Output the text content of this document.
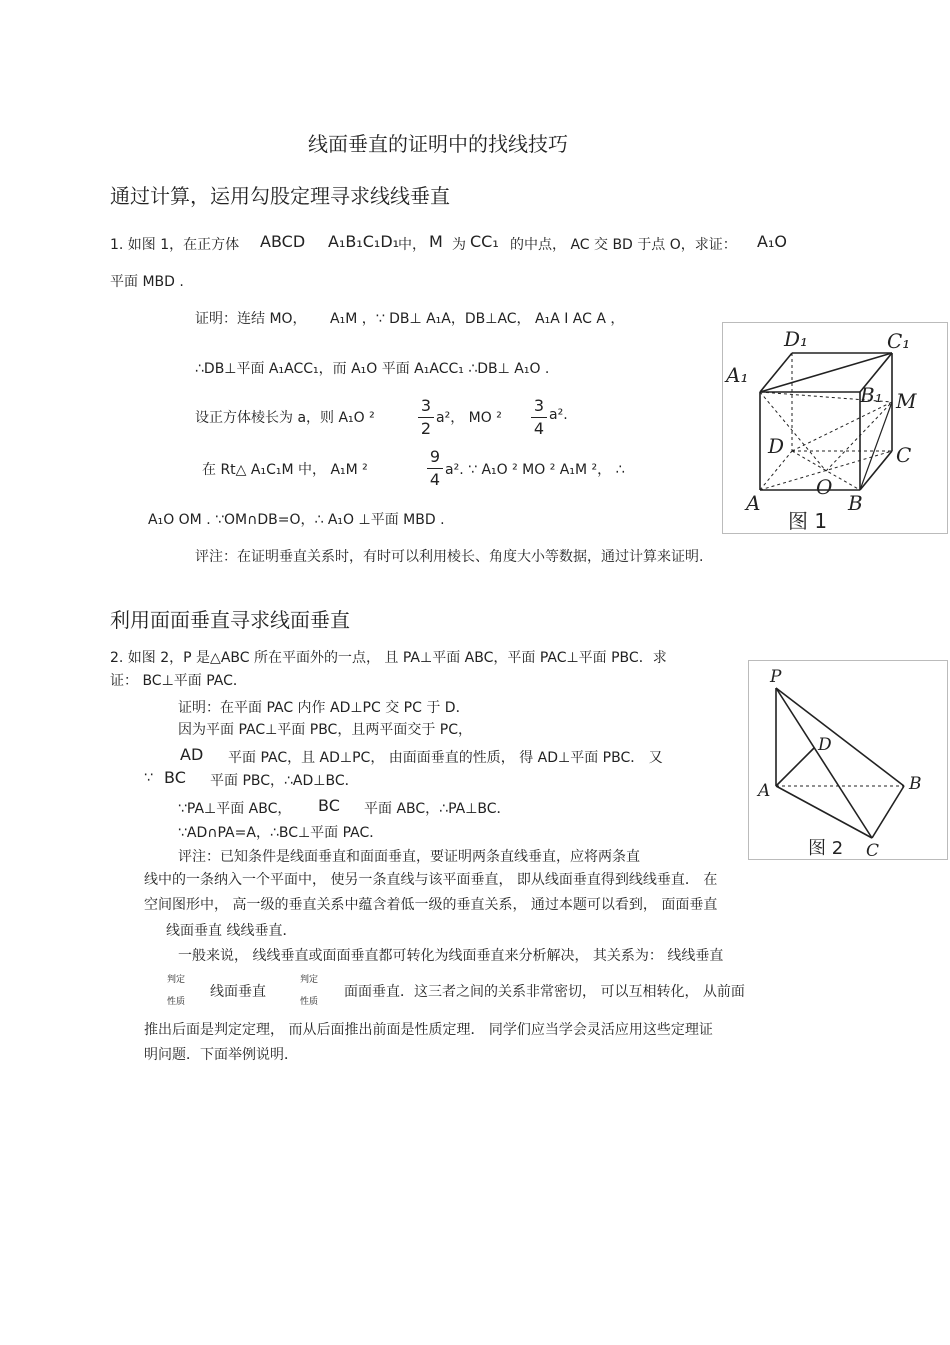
线面垂直的证明中的找线技巧
通过计算，运用勾股定理寻求线线垂直
1. 如图 1，在正方体 ABCD A₁B₁C₁D₁
中， M 为 CC₁ 的中点， AC 交 BD 于点 O，求证： A₁O
平面 MBD .
证明：连结 MO， A₁M ，∵ DB⊥ A₁A，DB⊥AC， A₁A I AC A ，
∴DB⊥平面 A₁ACC₁，而 A₁O 平面 A₁ACC₁ ∴DB⊥ A₁O .
设正方体棱长为 a，则 A₁O ²
3
2
a²， MO ²
3
4
a².
在 Rt△ A₁C₁M 中， A₁M ²
9
4 a². ∵ A₁O ² MO ² A₁M ²， ∴
A₁O OM . ∵OM∩DB=O，∴ A₁O ⊥平面 MBD .
评注：在证明垂直关系时，有时可以利用棱长、角度大小等数据，通过计算来证明.
D₁	C₁
A₁
B₁ M
D	C
A
O
B
图 1
利用面面垂直寻求线面垂直
2. 如图 2，P 是△ABC 所在平面外的一点， 且 PA⊥平面 ABC，平面 PAC⊥平面 PBC．求
证： BC⊥平面 PAC．
证明：在平面 PAC 内作 AD⊥PC 交 PC 于 D．
因为平面 PAC⊥平面 PBC，且两平面交于 PC，
AD 平面 PAC，且 AD⊥PC， 由面面垂直的性质， 得 AD⊥平面 PBC． 又
∵ BC 平面 PBC，∴AD⊥BC．
∵PA⊥平面 ABC， BC 平面 ABC，∴PA⊥BC．
∵AD∩PA=A，∴BC⊥平面 PAC．
评注：已知条件是线面垂直和面面垂直，要证明两条直线垂直，应将两条直
线中的一条纳入一个平面中， 使另一条直线与该平面垂直， 即从线面垂直得到线线垂直． 在
空间图形中， 高一级的垂直关系中蕴含着低一级的垂直关系， 通过本题可以看到， 面面垂直
线面垂直 线线垂直．
一般来说， 线线垂直或面面垂直都可转化为线面垂直来分析解决， 其关系为： 线线垂直
判定
性质
线面垂直
判定
性质
面面垂直．这三者之间的关系非常密切， 可以互相转化， 从前面
推出后面是判定定理， 而从后面推出前面是性质定理． 同学们应当学会灵活应用这些定理证
明问题．下面举例说明．
P
D
A	B
C
图 2
